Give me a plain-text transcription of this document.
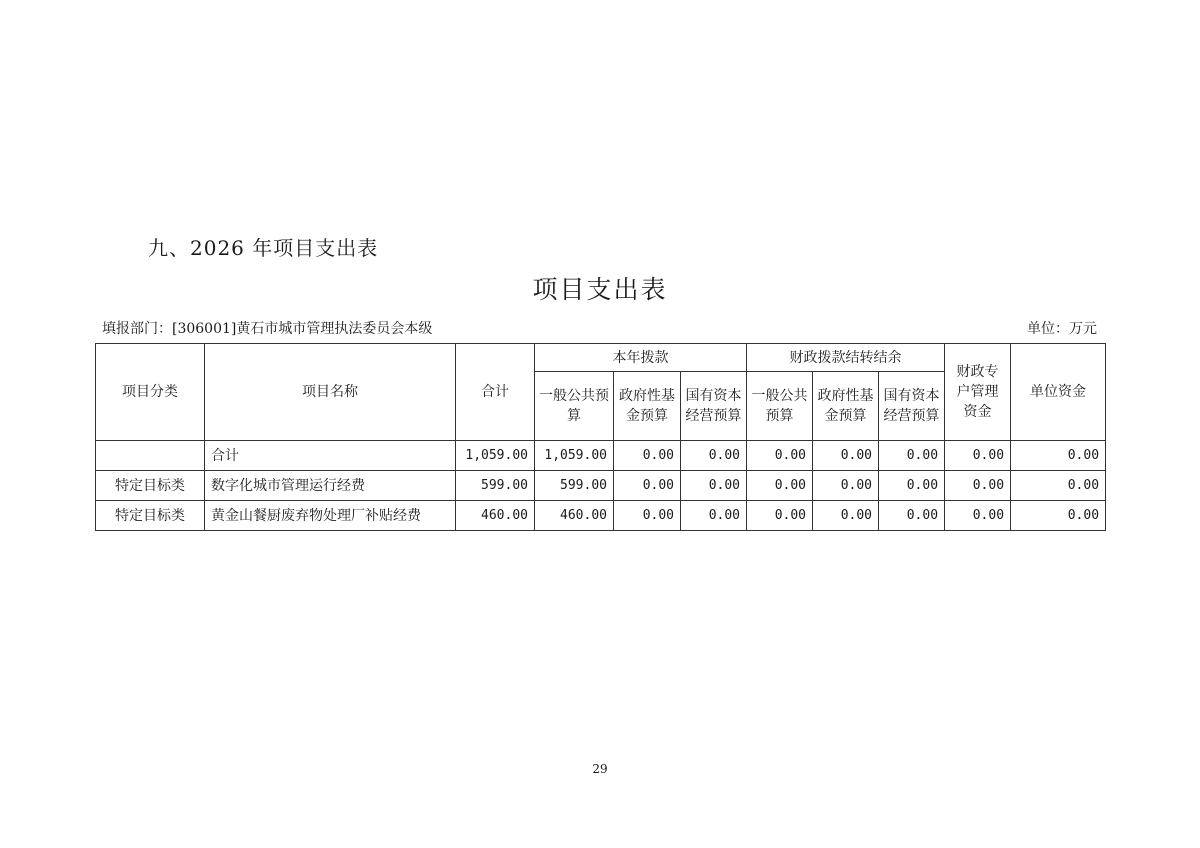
九、2026 年项目支出表
项目支出表
填报部门：[306001]黄石市城市管理执法委员会本级	单位：万元
项目分类	项目名称	合计	本年拨款			财政拨款结转结余			财政专户管理资金	单位资金
			一般公共预算	政府性基金预算	国有资本经营预算	一般公共预算	政府性基金预算	国有资本经营预算		
	合计	1,059.00	1,059.00	0.00	0.00	0.00	0.00	0.00	0.00	0.00
特定目标类	数字化城市管理运行经费	599.00	599.00	0.00	0.00	0.00	0.00	0.00	0.00	0.00
特定目标类	黄金山餐厨废弃物处理厂补贴经费	460.00	460.00	0.00	0.00	0.00	0.00	0.00	0.00	0.00
29
